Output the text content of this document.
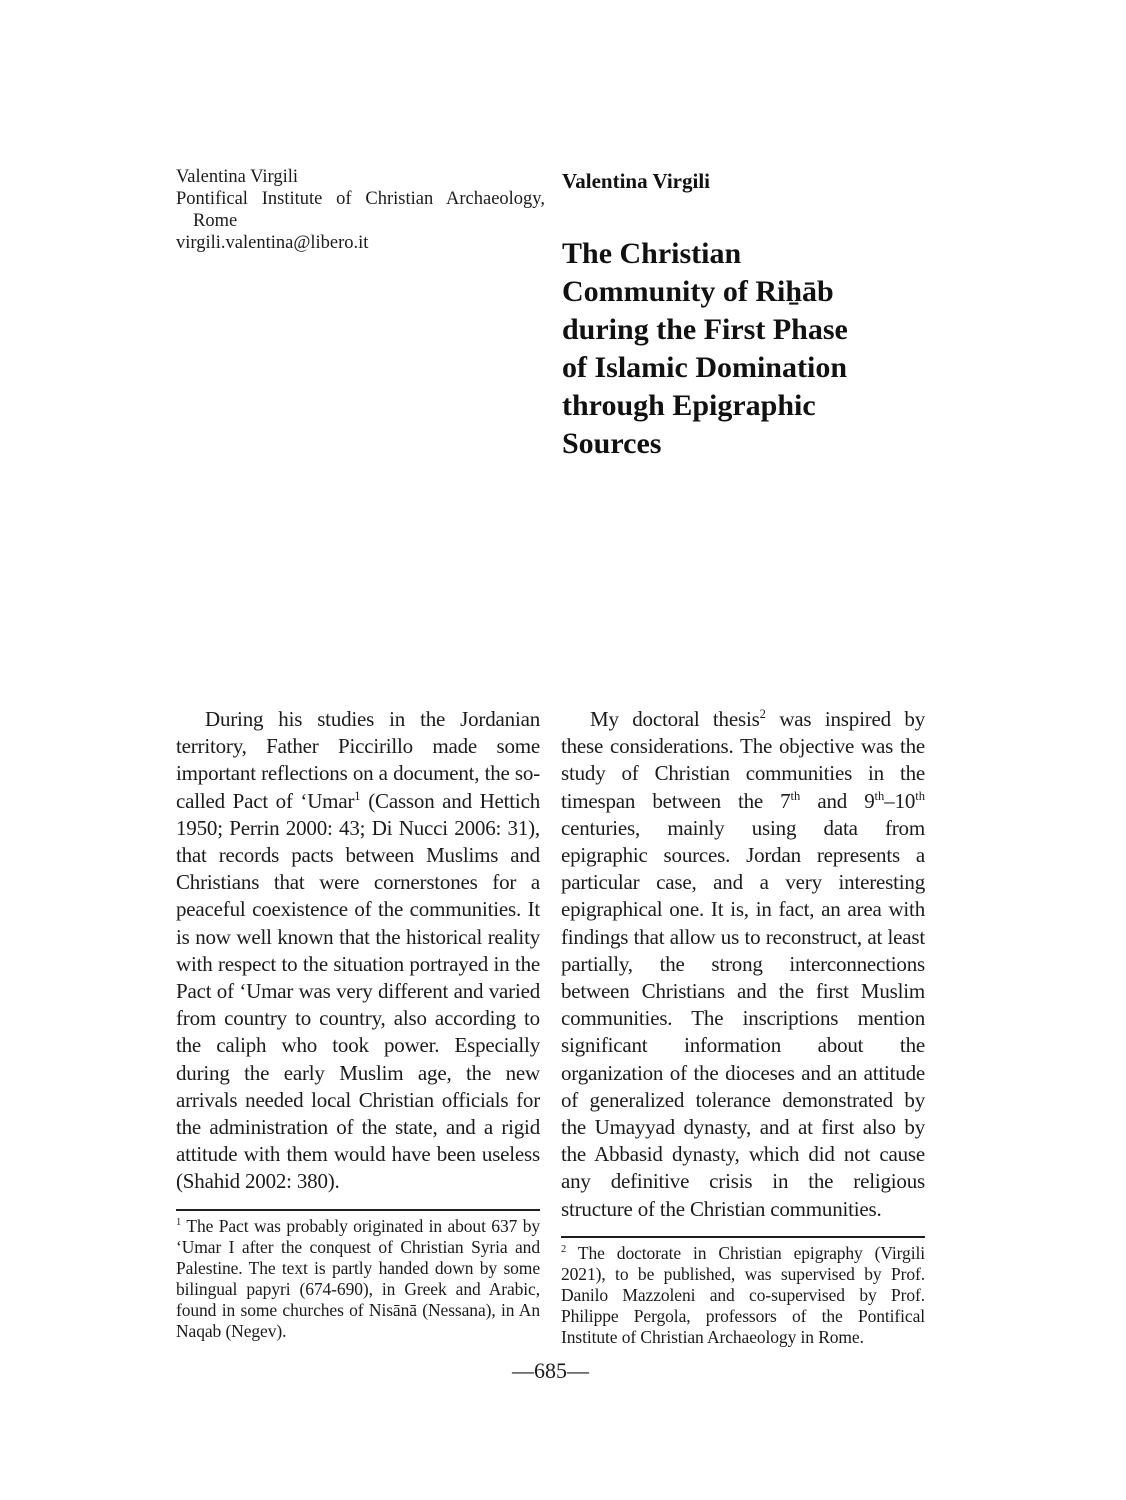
Valentina Virgili
Pontifical Institute of Christian Archaeology,
Rome
virgili.valentina@libero.it
Valentina Virgili
The Christian
Community of Riẖāb
during the First Phase
of Islamic Domination
through Epigraphic
Sources

During his studies in the Jordanian territory, Father Piccirillo made some important reflections on a document, the so-called Pact of ‘Umar$^1$ (Casson and Hettich 1950; Perrin 2000: 43; Di Nucci 2006: 31), that records pacts between Muslims and Christians that were cornerstones for a peaceful coexistence of the communities. It is now well known that the historical reality with respect to the situation portrayed in the Pact of ‘Umar was very different and varied from country to country, also according to the caliph who took power. Especially during the early Muslim age, the new arrivals needed local Christian officials for the administration of the state, and a rigid attitude with them would have been useless (Shahid 2002: 380).

$^1$ The Pact was probably originated in about 637 by ‘Umar I after the conquest of Christian Syria and Palestine. The text is partly handed down by some bilingual papyri (674-690), in Greek and Arabic, found in some churches of Nisānā (Nessana), in An Naqab (Negev).

My doctoral thesis$^2$ was inspired by these considerations. The objective was the study of Christian communities in the timespan between the 7th and 9th–10th centuries, mainly using data from epigraphic sources. Jordan represents a particular case, and a very interesting epigraphical one. It is, in fact, an area with findings that allow us to reconstruct, at least partially, the strong interconnections between Christians and the first Muslim communities. The inscriptions mention significant information about the organization of the dioceses and an attitude of generalized tolerance demonstrated by the Umayyad dynasty, and at first also by the Abbasid dynasty, which did not cause any definitive crisis in the religious structure of the Christian communities.

$^2$ The doctorate in Christian epigraphy (Virgili 2021), to be published, was supervised by Prof. Danilo Mazzoleni and co-supervised by Prof. Philippe Pergola, professors of the Pontifical Institute of Christian Archaeology in Rome.

—685—
